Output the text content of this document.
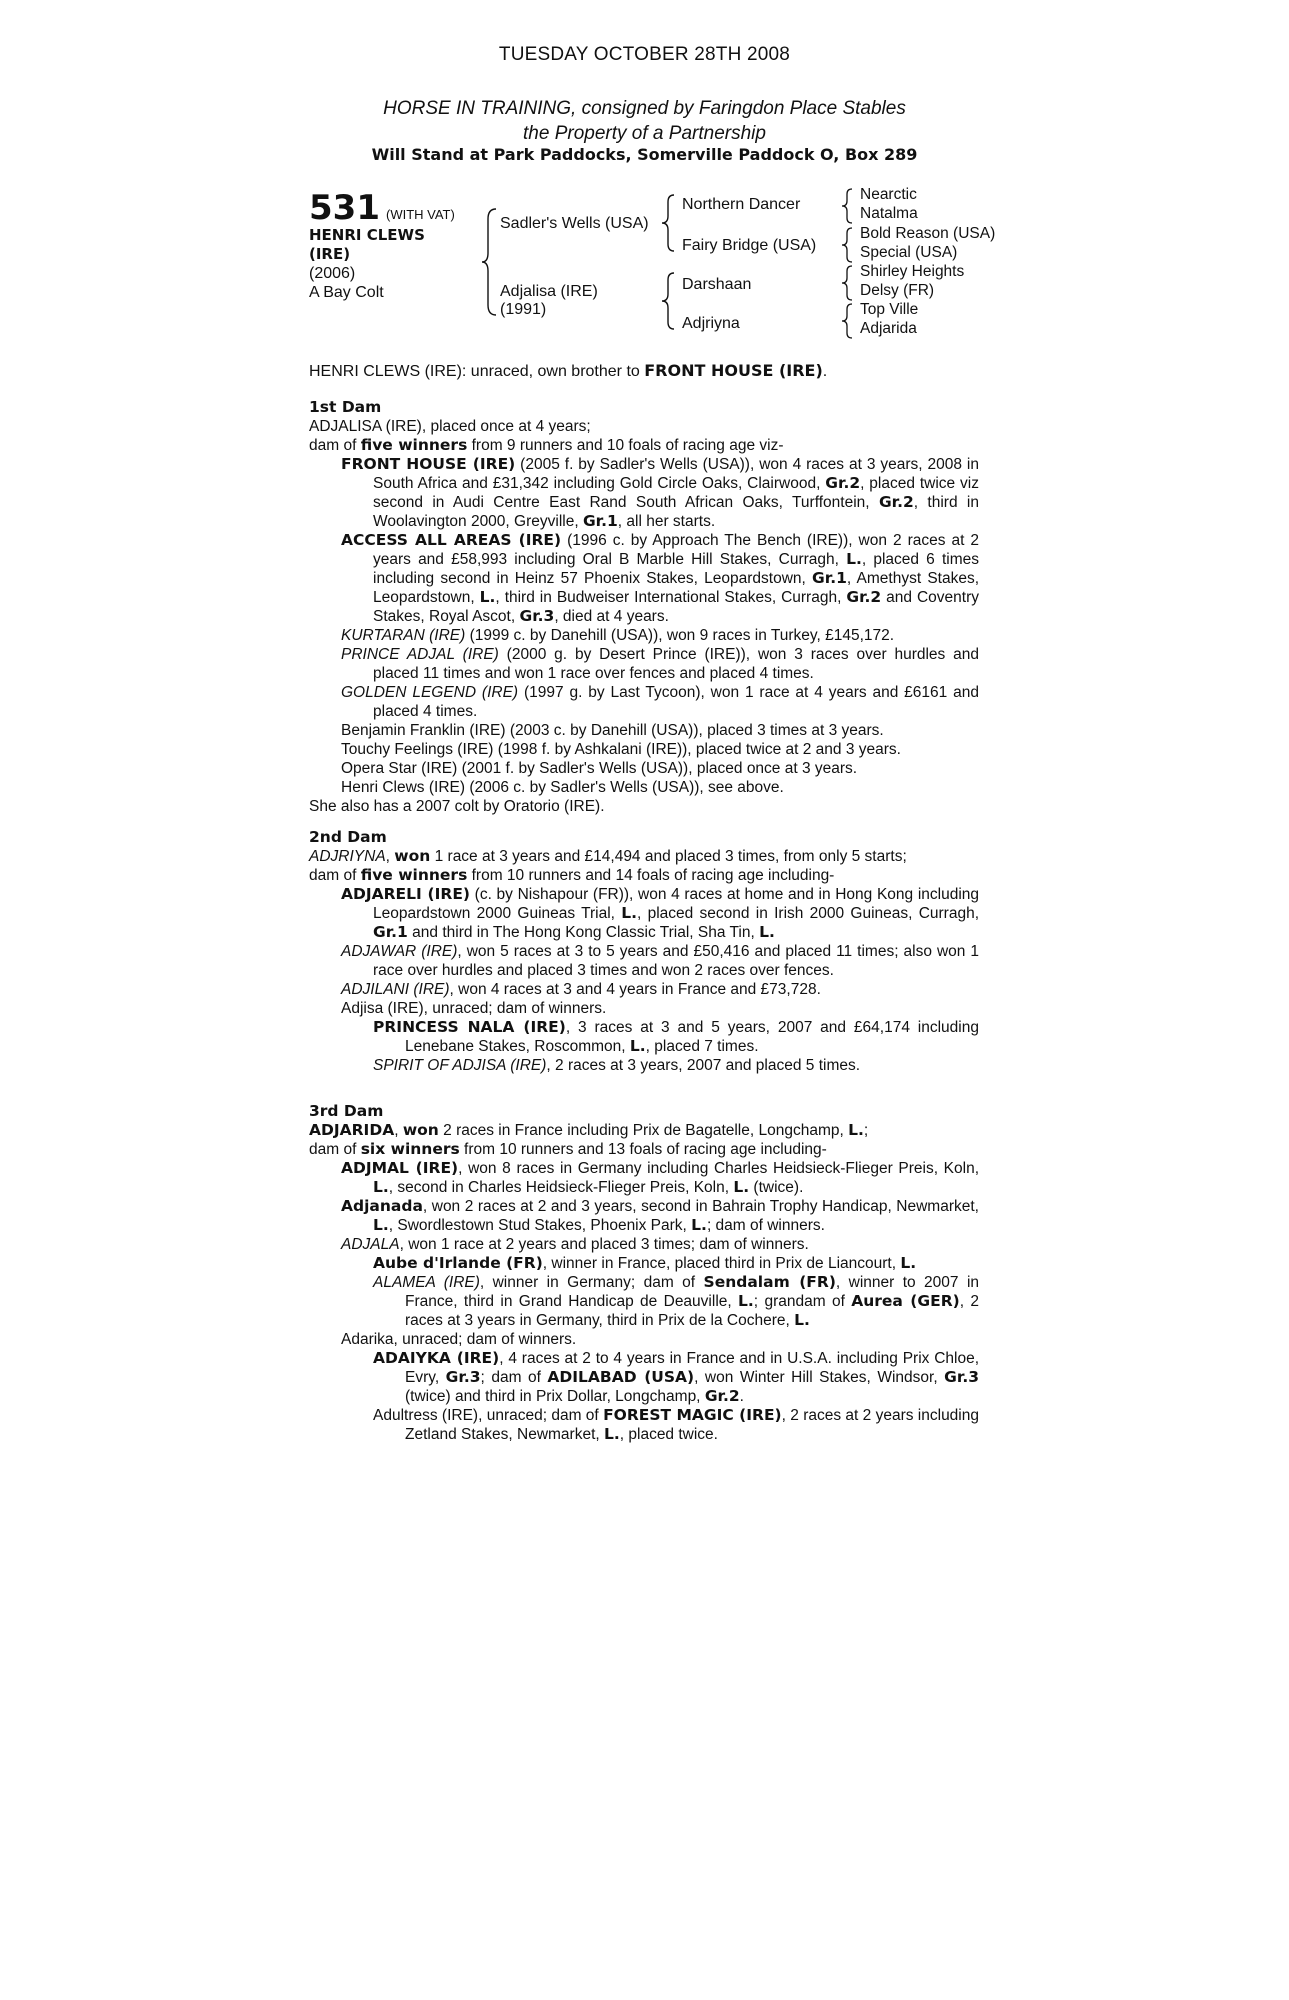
TUESDAY OCTOBER 28TH 2008
HORSE IN TRAINING, consigned by Faringdon Place Stables
the Property of a Partnership
Will Stand at Park Paddocks, Somerville Paddock O, Box 289
531 (WITH VAT)
HENRI CLEWS
(IRE)
(2006)
A Bay Colt
Sadler's Wells (USA)
Adjalisa (IRE)
(1991)
Northern Dancer
Fairy Bridge (USA)
Darshaan
Adjriyna
Nearctic
Natalma
Bold Reason (USA)
Special (USA)
Shirley Heights
Delsy (FR)
Top Ville
Adjarida
HENRI CLEWS (IRE): unraced, own brother to FRONT HOUSE (IRE).
1st Dam

ADJALISA (IRE), placed once at 4 years;

dam of five winners from 9 runners and 10 foals of racing age viz-

FRONT HOUSE (IRE) (2005 f. by Sadler's Wells (USA)), won 4 races at 3 years, 2008 in South Africa and £31,342 including Gold Circle Oaks, Clairwood, Gr.2, placed twice viz second in Audi Centre East Rand South African Oaks, Turffontein, Gr.2, third in Woolavington 2000, Greyville, Gr.1, all her starts.

ACCESS ALL AREAS (IRE) (1996 c. by Approach The Bench (IRE)), won 2 races at 2 years and £58,993 including Oral B Marble Hill Stakes, Curragh, L., placed 6 times including second in Heinz 57 Phoenix Stakes, Leopardstown, Gr.1, Amethyst Stakes, Leopardstown, L., third in Budweiser International Stakes, Curragh, Gr.2 and Coventry Stakes, Royal Ascot, Gr.3, died at 4 years.

KURTARAN (IRE) (1999 c. by Danehill (USA)), won 9 races in Turkey, £145,172.

PRINCE ADJAL (IRE) (2000 g. by Desert Prince (IRE)), won 3 races over hurdles and placed 11 times and won 1 race over fences and placed 4 times.

GOLDEN LEGEND (IRE) (1997 g. by Last Tycoon), won 1 race at 4 years and £6161 and placed 4 times.

Benjamin Franklin (IRE) (2003 c. by Danehill (USA)), placed 3 times at 3 years.

Touchy Feelings (IRE) (1998 f. by Ashkalani (IRE)), placed twice at 2 and 3 years.

Opera Star (IRE) (2001 f. by Sadler's Wells (USA)), placed once at 3 years.

Henri Clews (IRE) (2006 c. by Sadler's Wells (USA)), see above.

She also has a 2007 colt by Oratorio (IRE).

2nd Dam

ADJRIYNA, won 1 race at 3 years and £14,494 and placed 3 times, from only 5 starts;

dam of five winners from 10 runners and 14 foals of racing age including-

ADJARELI (IRE) (c. by Nishapour (FR)), won 4 races at home and in Hong Kong including Leopardstown 2000 Guineas Trial, L., placed second in Irish 2000 Guineas, Curragh, Gr.1 and third in The Hong Kong Classic Trial, Sha Tin, L.

ADJAWAR (IRE), won 5 races at 3 to 5 years and £50,416 and placed 11 times; also won 1 race over hurdles and placed 3 times and won 2 races over fences.

ADJILANI (IRE), won 4 races at 3 and 4 years in France and £73,728.

Adjisa (IRE), unraced; dam of winners.

PRINCESS NALA (IRE), 3 races at 3 and 5 years, 2007 and £64,174 including Lenebane Stakes, Roscommon, L., placed 7 times.

SPIRIT OF ADJISA (IRE), 2 races at 3 years, 2007 and placed 5 times.

3rd Dam

ADJARIDA, won 2 races in France including Prix de Bagatelle, Longchamp, L.;

dam of six winners from 10 runners and 13 foals of racing age including-

ADJMAL (IRE), won 8 races in Germany including Charles Heidsieck-Flieger Preis, Koln, L., second in Charles Heidsieck-Flieger Preis, Koln, L. (twice).

Adjanada, won 2 races at 2 and 3 years, second in Bahrain Trophy Handicap, Newmarket, L., Swordlestown Stud Stakes, Phoenix Park, L.; dam of winners.

ADJALA, won 1 race at 2 years and placed 3 times; dam of winners.

Aube d'Irlande (FR), winner in France, placed third in Prix de Liancourt, L.

ALAMEA (IRE), winner in Germany; dam of Sendalam (FR), winner to 2007 in France, third in Grand Handicap de Deauville, L.; grandam of Aurea (GER), 2 races at 3 years in Germany, third in Prix de la Cochere, L.

Adarika, unraced; dam of winners.

ADAIYKA (IRE), 4 races at 2 to 4 years in France and in U.S.A. including Prix Chloe, Evry, Gr.3; dam of ADILABAD (USA), won Winter Hill Stakes, Windsor, Gr.3 (twice) and third in Prix Dollar, Longchamp, Gr.2.

Adultress (IRE), unraced; dam of FOREST MAGIC (IRE), 2 races at 2 years including Zetland Stakes, Newmarket, L., placed twice.
